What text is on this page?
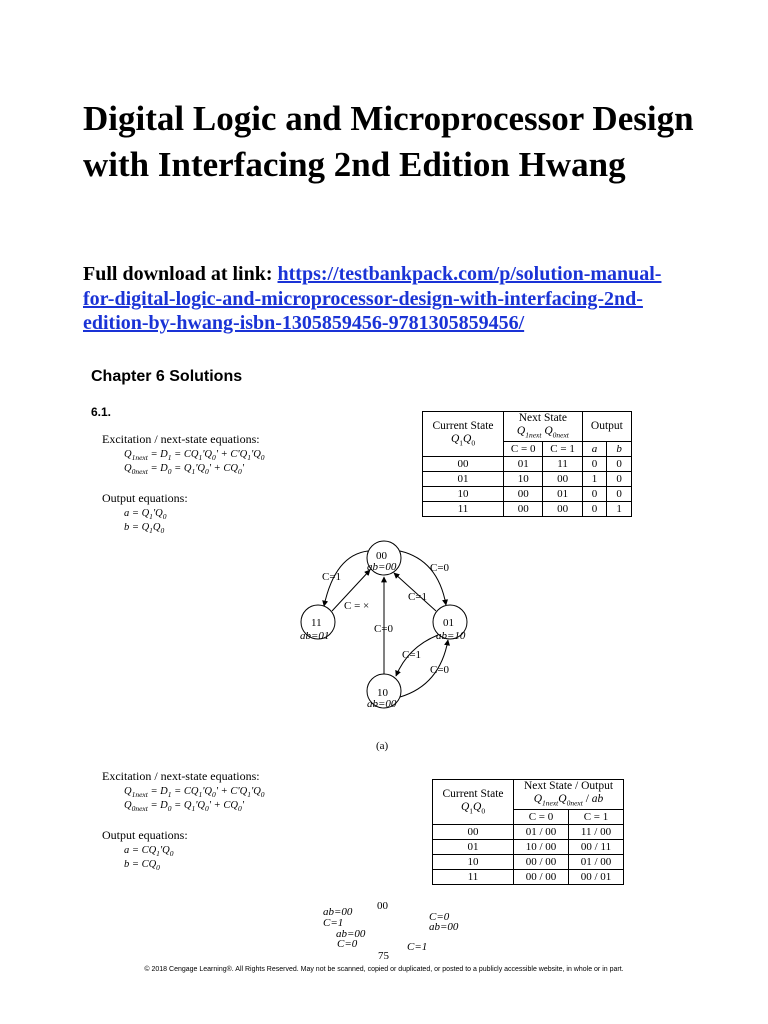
Digital Logic and Microprocessor Design with Interfacing 2nd Edition Hwang
Full download at link: https://testbankpack.com/p/solution-manual-for-digital-logic-and-microprocessor-design-with-interfacing-2nd-edition-by-hwang-isbn-1305859456-9781305859456/
Chapter 6 Solutions
6.1.
Excitation / next-state equations:
$Q_{1next} = D_1 = CQ_1'Q_0' + C'Q_1'Q_0$
$Q_{0next} = D_0 = Q_1'Q_0' + CQ_0'$
Output equations:
$a = Q_1'Q_0$
$b = Q_1Q_0$
Current State
$Q_1Q_0$	Next State
$Q_{1next}$ $Q_{0next}$		Output	
	C = 0	C = 1	a	b
00	01	11	0	0
01	10	00	1	0
10	00	01	0	0
11	00	00	0	1
00
ab=00
11
ab=01
01
ab=10
10
ab=00
C=1
C = ×
C=0
C=1
C=0
C=1
C=0
(a)
Excitation / next-state equations:
$Q_{1next} = D_1 = CQ_1'Q_0' + C'Q_1'Q_0$
$Q_{0next} = D_0 = Q_1'Q_0' + CQ_0'$
Output equations:
$a = CQ_1'Q_0$
$b = CQ_0$
Current State
$Q_1Q_0$	Next State / Output
$Q_{1next}Q_{0next}$ / ab	
	C = 0	C = 1
00	01 / 00	11 / 00
01	10 / 00	00 / 11
10	00 / 00	01 / 00
11	00 / 00	00 / 01
00
ab=00
C=1
ab=00
C=0	C=1
C=0
ab=00
75
© 2018 Cengage Learning®. All Rights Reserved. May not be scanned, copied or duplicated, or posted to a publicly accessible website, in whole or in part.
